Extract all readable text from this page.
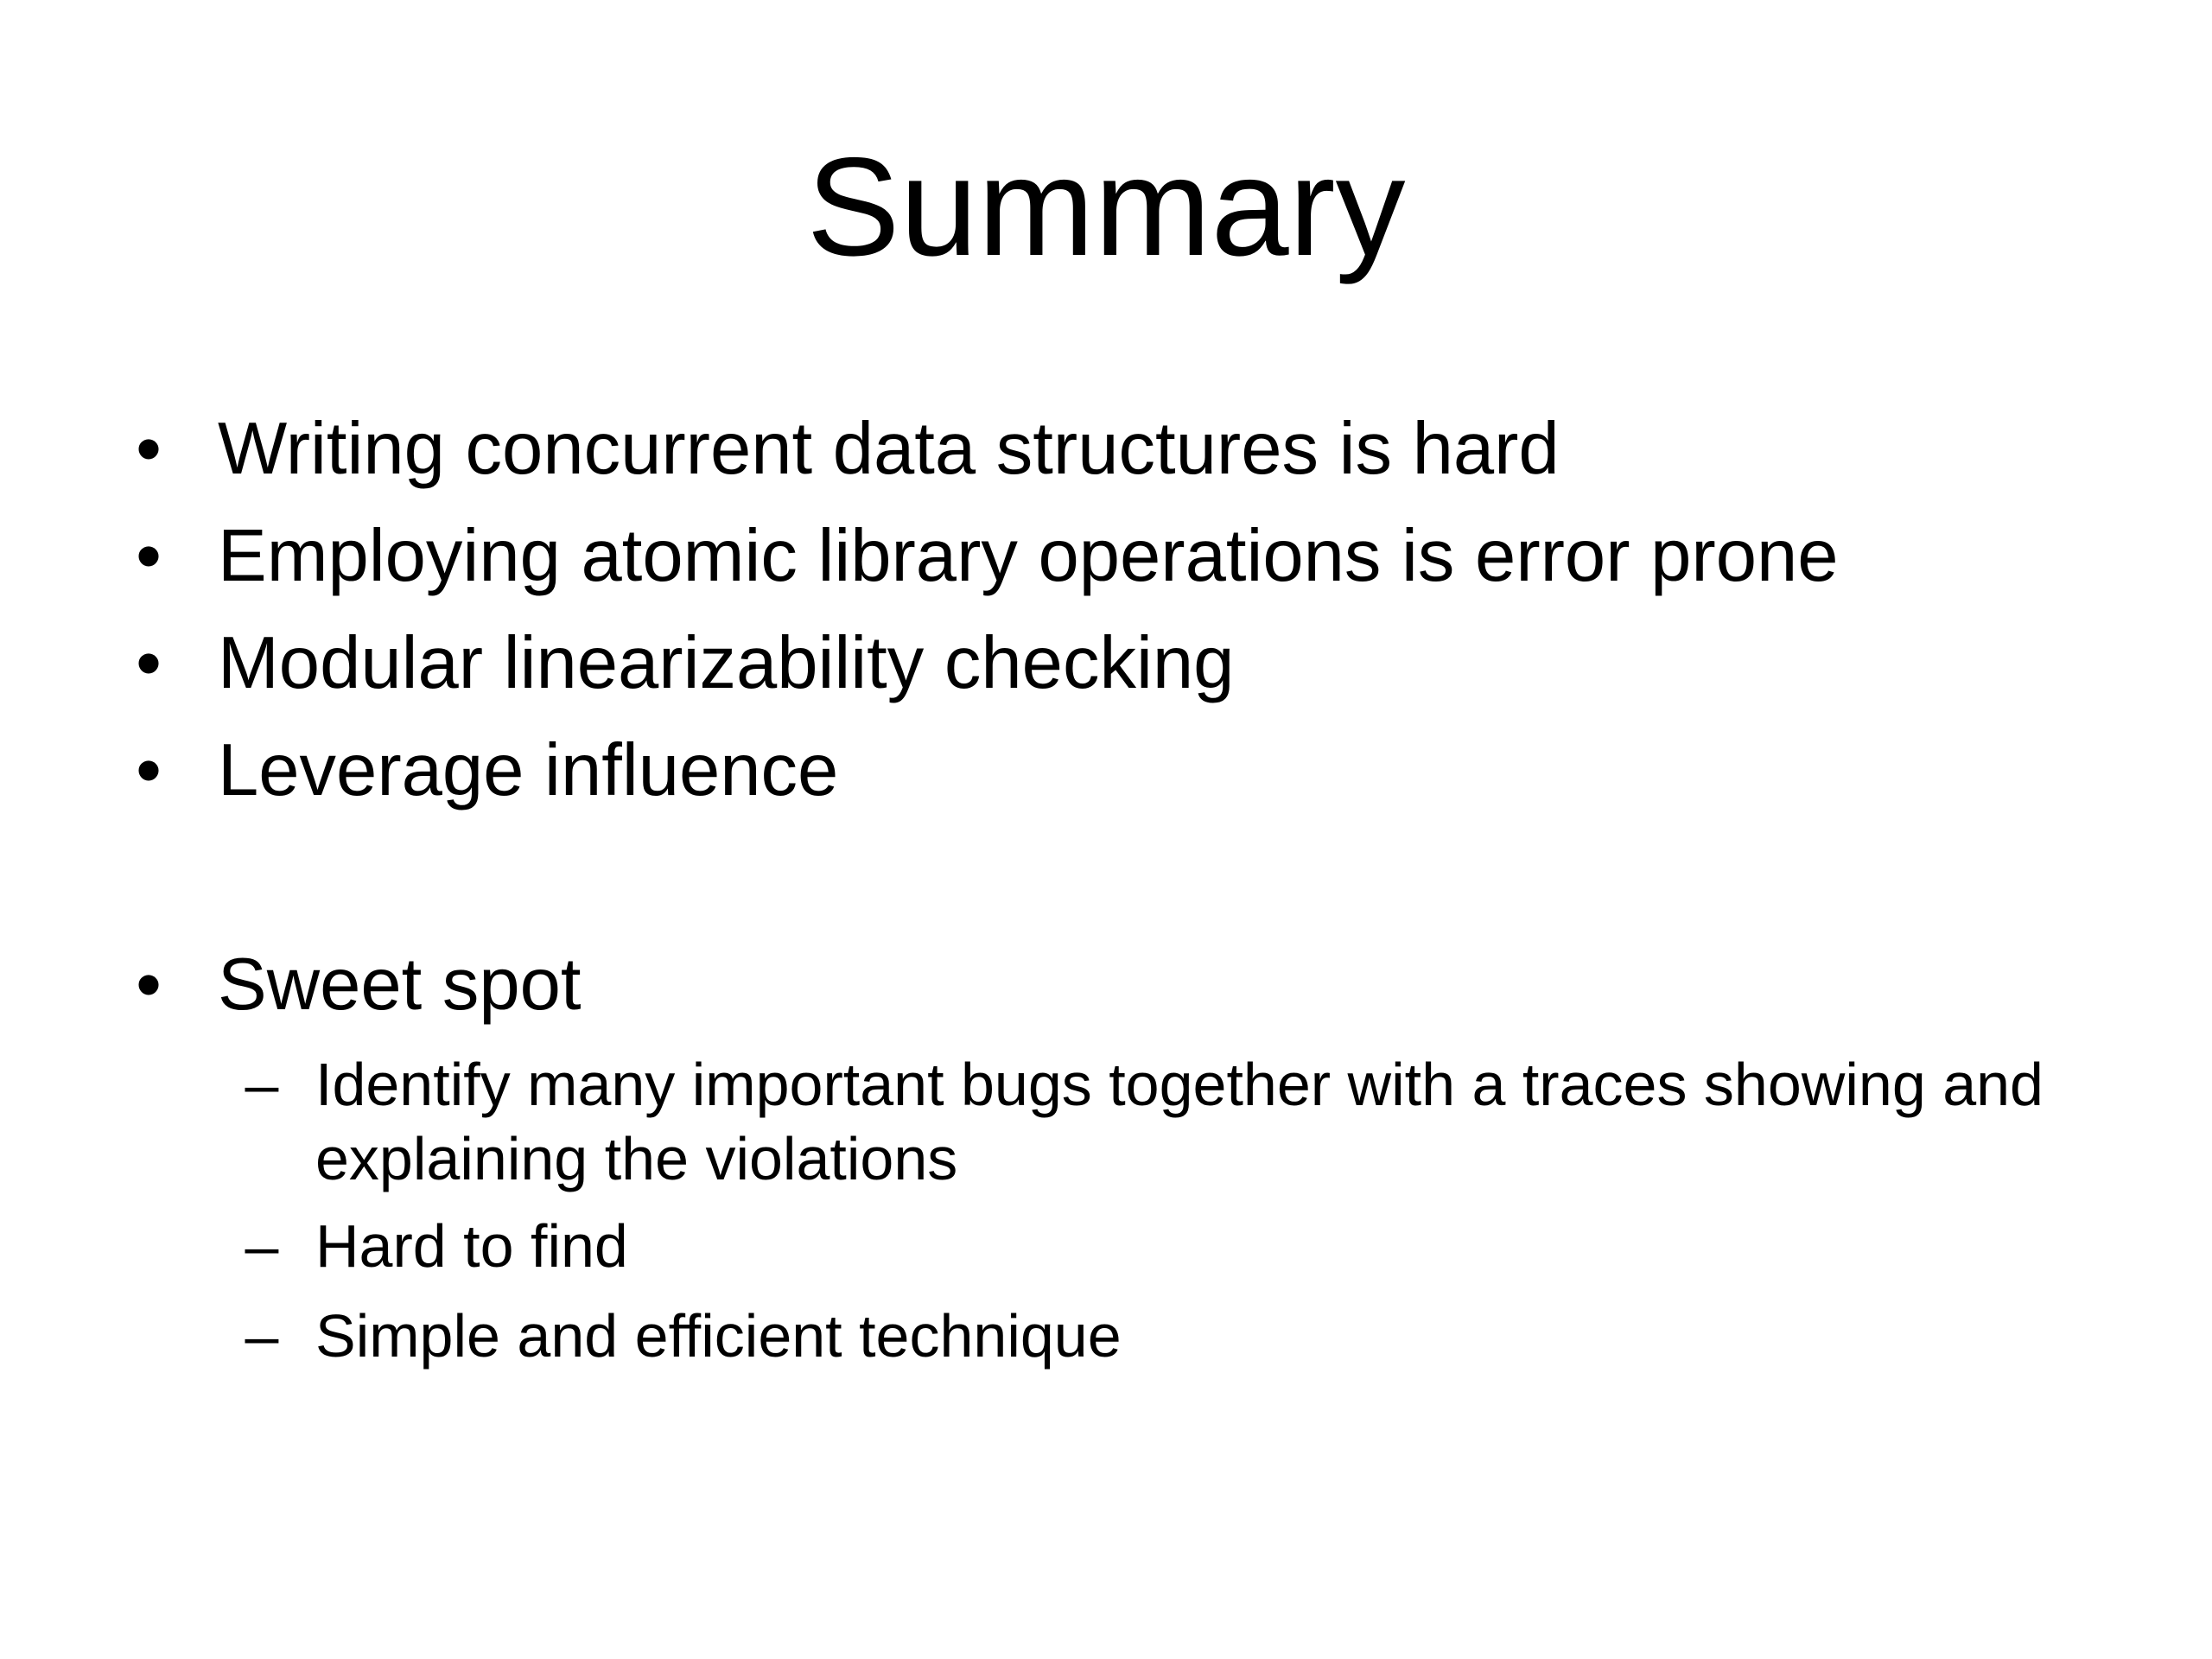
Summary
• Writing concurrent data structures is hard
• Employing atomic library operations is error prone
• Modular linearizability checking
• Leverage influence
• Sweet spot
– Identify many important bugs together with a traces showing and explaining the violations
– Hard to find
– Simple and efficient technique
